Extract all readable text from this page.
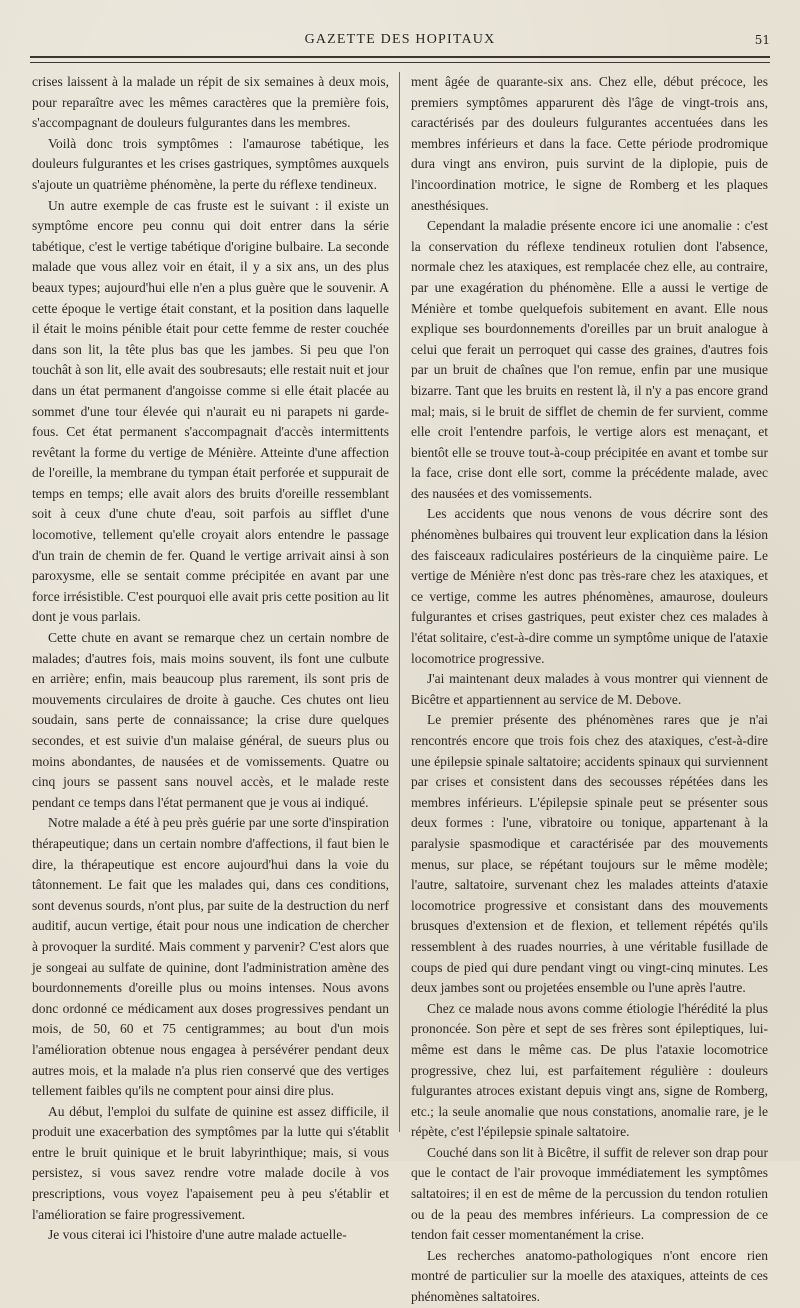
GAZETTE DES HOPITAUX	51

crises laissent à la malade un répit de six semaines à deux mois, pour reparaître avec les mêmes caractères que la première fois, s'accompagnant de douleurs fulgurantes dans les membres.

Voilà donc trois symptômes : l'amaurose tabétique, les douleurs fulgurantes et les crises gastriques, symptômes auxquels s'ajoute un quatrième phénomène, la perte du réflexe tendineux.

Un autre exemple de cas fruste est le suivant : il existe un symptôme encore peu connu qui doit entrer dans la série tabétique, c'est le vertige tabétique d'origine bulbaire. La seconde malade que vous allez voir en était, il y a six ans, un des plus beaux types; aujourd'hui elle n'en a plus guère que le souvenir. A cette époque le vertige était constant, et la position dans laquelle il était le moins pénible était pour cette femme de rester couchée dans son lit, la tête plus bas que les jambes. Si peu que l'on touchât à son lit, elle avait des soubresauts; elle restait nuit et jour dans un état permanent d'angoisse comme si elle était placée au sommet d'une tour élevée qui n'aurait eu ni parapets ni garde-fous. Cet état permanent s'accompagnait d'accès intermittents revêtant la forme du vertige de Ménière. Atteinte d'une affection de l'oreille, la membrane du tympan était perforée et suppurait de temps en temps; elle avait alors des bruits d'oreille ressemblant soit à ceux d'une chute d'eau, soit parfois au sifflet d'une locomotive, tellement qu'elle croyait alors entendre le passage d'un train de chemin de fer. Quand le vertige arrivait ainsi à son paroxysme, elle se sentait comme précipitée en avant par une force irrésistible. C'est pourquoi elle avait pris cette position au lit dont je vous parlais.

Cette chute en avant se remarque chez un certain nombre de malades; d'autres fois, mais moins souvent, ils font une culbute en arrière; enfin, mais beaucoup plus rarement, ils sont pris de mouvements circulaires de droite à gauche. Ces chutes ont lieu soudain, sans perte de connaissance; la crise dure quelques secondes, et est suivie d'un malaise général, de sueurs plus ou moins abondantes, de nausées et de vomissements. Quatre ou cinq jours se passent sans nouvel accès, et le malade reste pendant ce temps dans l'état permanent que je vous ai indiqué.

Notre malade a été à peu près guérie par une sorte d'inspiration thérapeutique; dans un certain nombre d'affections, il faut bien le dire, la thérapeutique est encore aujourd'hui dans la voie du tâtonnement. Le fait que les malades qui, dans ces conditions, sont devenus sourds, n'ont plus, par suite de la destruction du nerf auditif, aucun vertige, était pour nous une indication de chercher à provoquer la surdité. Mais comment y parvenir? C'est alors que je songeai au sulfate de quinine, dont l'administration amène des bourdonnements d'oreille plus ou moins intenses. Nous avons donc ordonné ce médicament aux doses progressives pendant un mois, de 50, 60 et 75 centigrammes; au bout d'un mois l'amélioration obtenue nous engagea à persévérer pendant deux autres mois, et la malade n'a plus rien conservé que des vertiges tellement faibles qu'ils ne comptent pour ainsi dire plus.

Au début, l'emploi du sulfate de quinine est assez difficile, il produit une exacerbation des symptômes par la lutte qui s'établit entre le bruit quinique et le bruit labyrinthique; mais, si vous persistez, si vous savez rendre votre malade docile à vos prescriptions, vous voyez l'apaisement peu à peu s'établir et l'amélioration se faire progressivement.

Je vous citerai ici l'histoire d'une autre malade actuelle-

ment âgée de quarante-six ans. Chez elle, début précoce, les premiers symptômes apparurent dès l'âge de vingt-trois ans, caractérisés par des douleurs fulgurantes accentuées dans les membres inférieurs et dans la face. Cette période prodromique dura vingt ans environ, puis survint de la diplopie, puis de l'incoordination motrice, le signe de Romberg et les plaques anesthésiques.

Cependant la maladie présente encore ici une anomalie : c'est la conservation du réflexe tendineux rotulien dont l'absence, normale chez les ataxiques, est remplacée chez elle, au contraire, par une exagération du phénomène. Elle a aussi le vertige de Ménière et tombe quelquefois subitement en avant. Elle nous explique ses bourdonnements d'oreilles par un bruit analogue à celui que ferait un perroquet qui casse des graines, d'autres fois par un bruit de chaînes que l'on remue, enfin par une musique bizarre. Tant que les bruits en restent là, il n'y a pas encore grand mal; mais, si le bruit de sifflet de chemin de fer survient, comme elle croit l'entendre parfois, le vertige alors est menaçant, et bientôt elle se trouve tout-à-coup précipitée en avant et tombe sur la face, crise dont elle sort, comme la précédente malade, avec des nausées et des vomissements.

Les accidents que nous venons de vous décrire sont des phénomènes bulbaires qui trouvent leur explication dans la lésion des faisceaux radiculaires postérieurs de la cinquième paire. Le vertige de Ménière n'est donc pas très-rare chez les ataxiques, et ce vertige, comme les autres phénomènes, amaurose, douleurs fulgurantes et crises gastriques, peut exister chez ces malades à l'état solitaire, c'est-à-dire comme un symptôme unique de l'ataxie locomotrice progressive.

J'ai maintenant deux malades à vous montrer qui viennent de Bicêtre et appartiennent au service de M. Debove.

Le premier présente des phénomènes rares que je n'ai rencontrés encore que trois fois chez des ataxiques, c'est-à-dire une épilepsie spinale saltatoire; accidents spinaux qui surviennent par crises et consistent dans des secousses répétées dans les membres inférieurs. L'épilepsie spinale peut se présenter sous deux formes : l'une, vibratoire ou tonique, appartenant à la paralysie spasmodique et caractérisée par des mouvements menus, sur place, se répétant toujours sur le même modèle; l'autre, saltatoire, survenant chez les malades atteints d'ataxie locomotrice progressive et consistant dans des mouvements brusques d'extension et de flexion, et tellement répétés qu'ils ressemblent à des ruades nourries, à une véritable fusillade de coups de pied qui dure pendant vingt ou vingt-cinq minutes. Les deux jambes sont ou projetées ensemble ou l'une après l'autre.

Chez ce malade nous avons comme étiologie l'hérédité la plus prononcée. Son père et sept de ses frères sont épileptiques, lui-même est dans le même cas. De plus l'ataxie locomotrice progressive, chez lui, est parfaitement régulière : douleurs fulgurantes atroces existant depuis vingt ans, signe de Romberg, etc.; la seule anomalie que nous constations, anomalie rare, je le répète, c'est l'épilepsie spinale saltatoire.

Couché dans son lit à Bicêtre, il suffit de relever son drap pour que le contact de l'air provoque immédiatement les symptômes saltatoires; il en est de même de la percussion du tendon rotulien ou de la peau des membres inférieurs. La compression de ce tendon fait cesser momentanément la crise.

Les recherches anatomo-pathologiques n'ont encore rien montré de particulier sur la moelle des ataxiques, atteints de ces phénomènes saltatoires.
